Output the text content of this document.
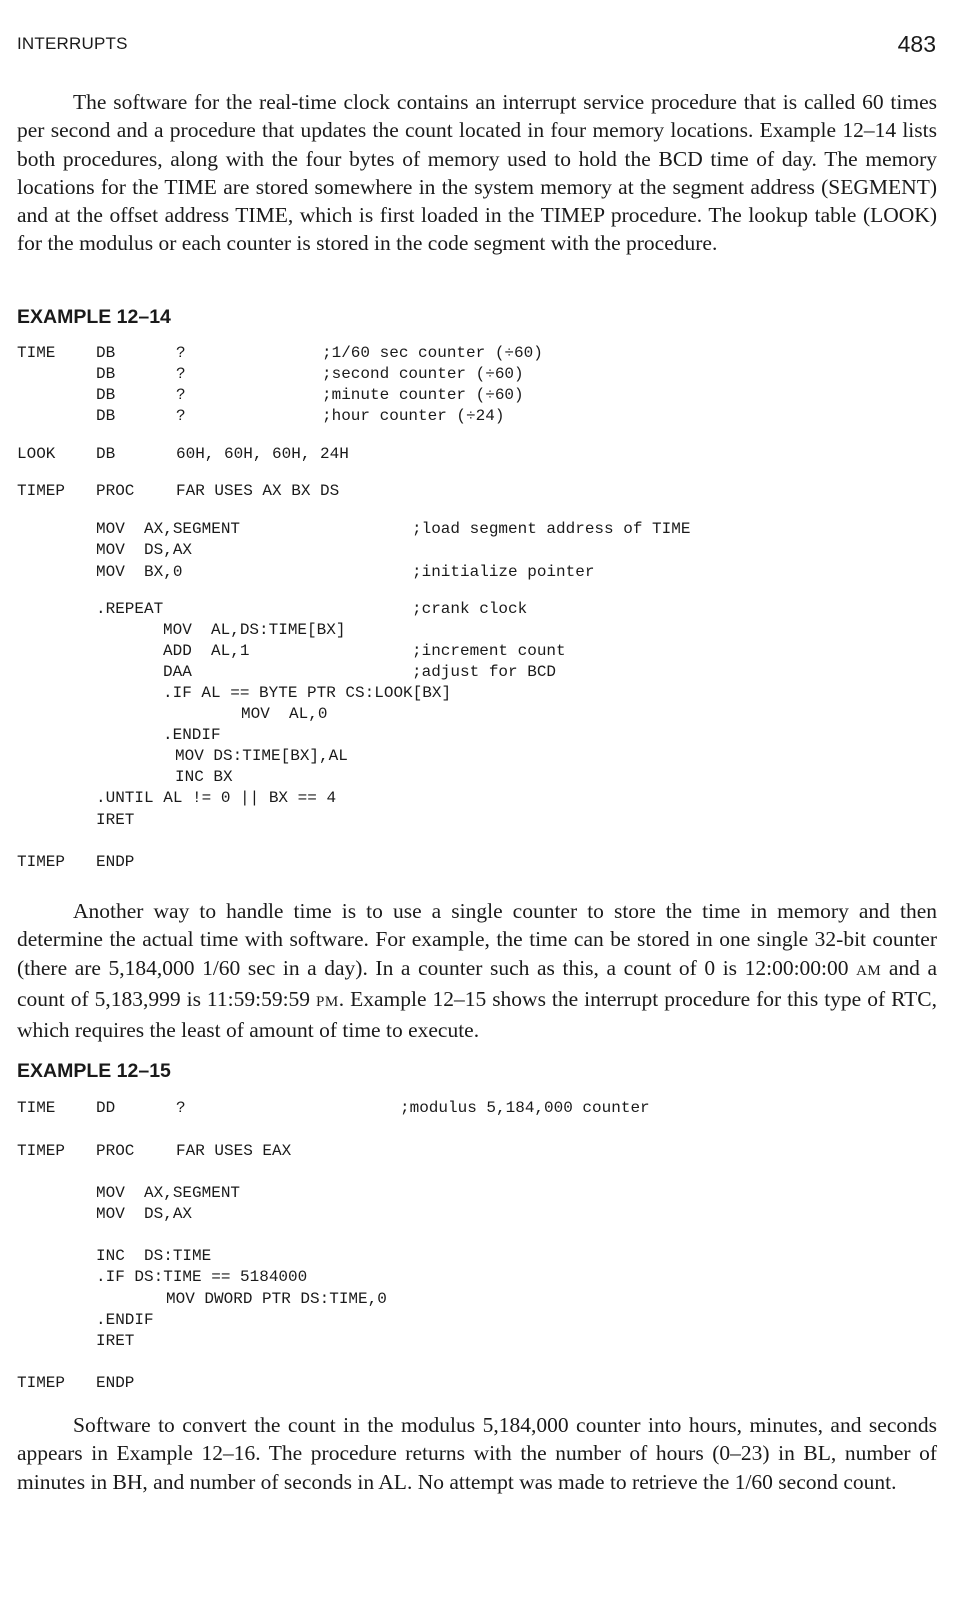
INTERRUPTS	483

The software for the real-time clock contains an interrupt service procedure that is called 60 times per second and a procedure that updates the count located in four memory locations. Example 12–14 lists both procedures, along with the four bytes of memory used to hold the BCD time of day. The memory locations for the TIME are stored somewhere in the system memory at the segment address (SEGMENT) and at the offset address TIME, which is first loaded in the TIMEP procedure. The lookup table (LOOK) for the modulus or each counter is stored in the code segment with the procedure.

EXAMPLE 12–14
TIME	DB	?	;1/60 sec counter (÷60)
DB	?	;second counter (÷60)
DB	?	;minute counter (÷60)
DB	?	;hour counter (÷24)
LOOK	DB	60H, 60H, 60H, 24H
TIMEP PROC	FAR USES AX BX DS
MOV  AX,SEGMENT	;load segment address of TIME
MOV  DS,AX
MOV  BX,0	;initialize pointer
.REPEAT	;crank clock
MOV  AL,DS:TIME[BX]
ADD  AL,1	;increment count
DAA	;adjust for BCD
.IF AL == BYTE PTR CS:LOOK[BX]
MOV  AL,0
.ENDIF
MOV DS:TIME[BX],AL
INC BX
.UNTIL AL != 0 || BX == 4
IRET
TIMEP ENDP

Another way to handle time is to use a single counter to store the time in memory and then determine the actual time with software. For example, the time can be stored in one single 32-bit counter (there are 5,184,000 1/60 sec in a day). In a counter such as this, a count of 0 is 12:00:00:00 AM and a count of 5,183,999 is 11:59:59:59 PM. Example 12–15 shows the interrupt procedure for this type of RTC, which requires the least of amount of time to execute.

EXAMPLE 12–15
TIME	DD	?	;modulus 5,184,000 counter
TIMEP PROC	FAR USES EAX
MOV  AX,SEGMENT
MOV  DS,AX
INC  DS:TIME
.IF DS:TIME == 5184000
MOV DWORD PTR DS:TIME,0
.ENDIF
IRET
TIMEP ENDP

Software to convert the count in the modulus 5,184,000 counter into hours, minutes, and seconds appears in Example 12–16. The procedure returns with the number of hours (0–23) in BL, number of minutes in BH, and number of seconds in AL. No attempt was made to retrieve the 1/60 second count.
